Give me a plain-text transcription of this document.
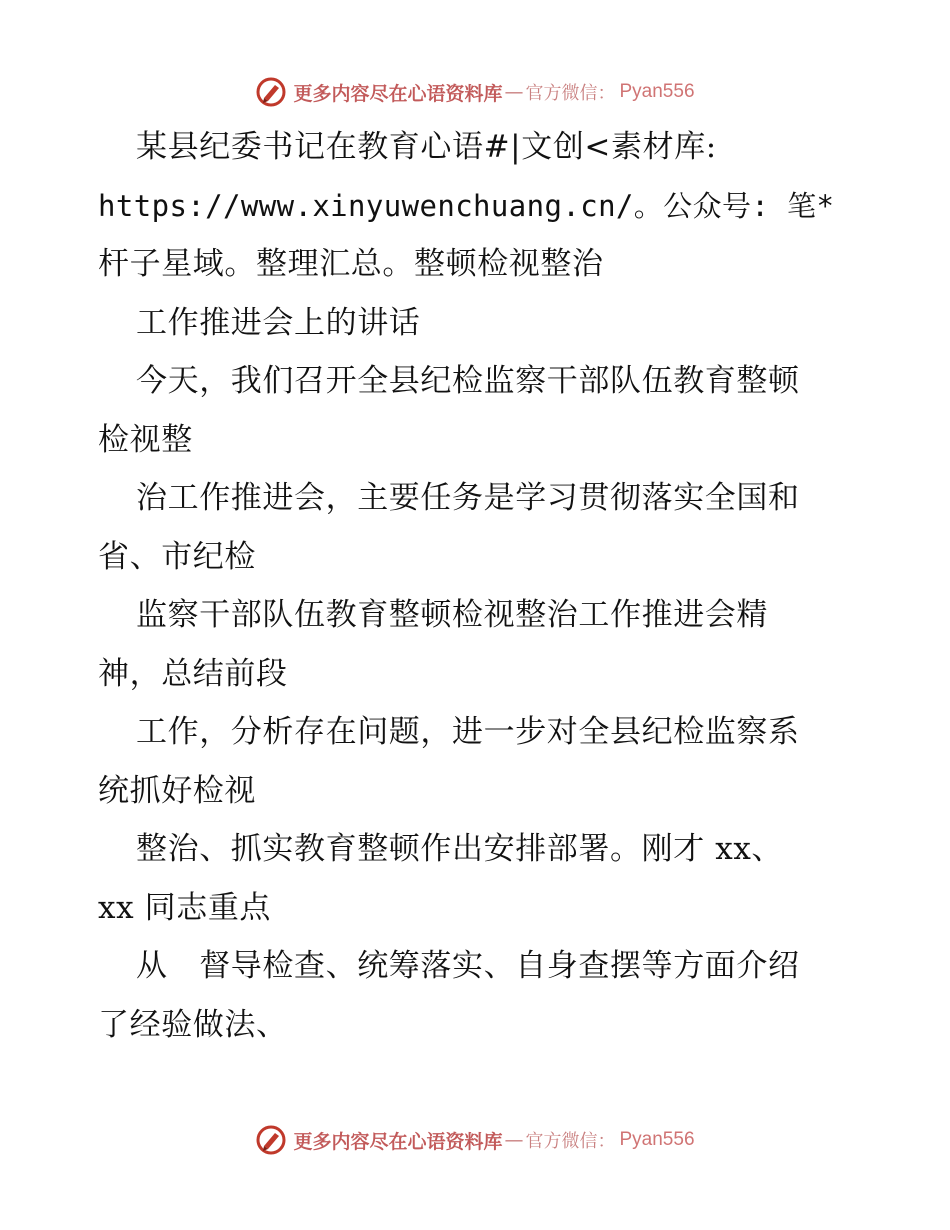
更多内容尽在心语资料库 — 官方微信： Pyan556
某县纪委书记在教育心语#|文创<素材库:
https://www.xinyuwenchuang.cn/。公众号: 笔*
杆子星域。整理汇总。整顿检视整治
工作推进会上的讲话
今天，我们召开全县纪检监察干部队伍教育整顿
检视整
治工作推进会，主要任务是学习贯彻落实全国和
省、市纪检
监察干部队伍教育整顿检视整治工作推进会精
神，总结前段
工作，分析存在问题，进一步对全县纪检监察系
统抓好检视
整治、抓实教育整顿作出安排部署。刚才 xx、
xx 同志重点
从　督导检查、统筹落实、自身查摆等方面介绍
了经验做法、
更多内容尽在心语资料库 — 官方微信： Pyan556
